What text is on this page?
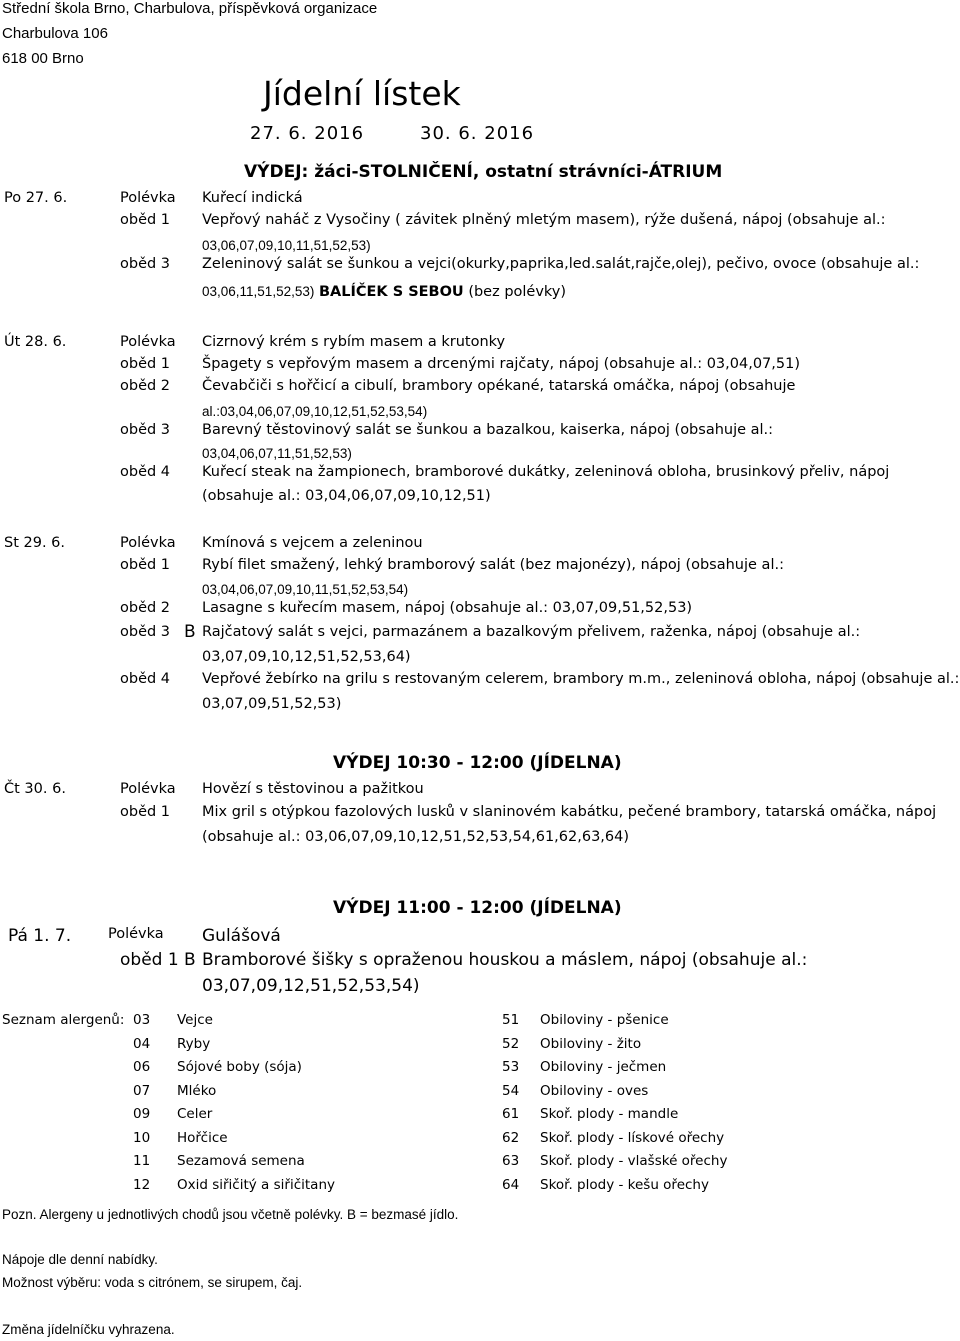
Střední škola Brno, Charbulova, příspěvková organizace
Charbulova 106
618 00 Brno
Jídelní lístek
27. 6. 2016	30. 6. 2016
VÝDEJ: žáci-STOLNIČENÍ, ostatní strávníci-ÁTRIUM
Po 27. 6.	Polévka Kuřecí indická
oběd 1 Vepřový naháč z Vysočiny ( závitek plněný mletým masem), rýže dušená, nápoj (obsahuje al.:
03,06,07,09,10,11,51,52,53)
oběd 3 Zeleninový salát se šunkou a vejci(okurky,paprika,led.salát,rajče,olej), pečivo, ovoce (obsahuje al.:
03,06,11,51,52,53) BALÍČEK S SEBOU (bez polévky)
Út 28. 6.	Polévka Cizrnový krém s rybím masem a krutonky
oběd 1 Špagety s vepřovým masem a drcenými rajčaty, nápoj (obsahuje al.: 03,04,07,51)
oběd 2 Čevabčiči s hořčicí a cibulí, brambory opékané, tatarská omáčka, nápoj (obsahuje
al.:03,04,06,07,09,10,12,51,52,53,54)
oběd 3 Barevný těstovinový salát se šunkou a bazalkou, kaiserka, nápoj (obsahuje al.:
03,04,06,07,11,51,52,53)
oběd 4 Kuřecí steak na žampionech, bramborové dukátky, zeleninová obloha, brusinkový přeliv, nápoj
(obsahuje al.: 03,04,06,07,09,10,12,51)
St 29. 6.	Polévka Kmínová s vejcem a zeleninou
oběd 1 Rybí filet smažený, lehký bramborový salát (bez majonézy), nápoj (obsahuje al.:
03,04,06,07,09,10,11,51,52,53,54)
oběd 2 Lasagne s kuřecím masem, nápoj (obsahuje al.: 03,07,09,51,52,53)
oběd 3 B Rajčatový salát s vejci, parmazánem a bazalkovým přelivem, raženka, nápoj (obsahuje al.:
03,07,09,10,12,51,52,53,64)
oběd 4 Vepřové žebírko na grilu s restovaným celerem, brambory m.m., zeleninová obloha, nápoj (obsahuje al.:
03,07,09,51,52,53)
VÝDEJ 10:30 - 12:00 (JÍDELNA)
Čt 30. 6.	Polévka Hovězí s těstovinou a pažitkou
oběd 1 Mix gril s otýpkou fazolových lusků v slaninovém kabátku, pečené brambory, tatarská omáčka, nápoj
(obsahuje al.: 03,06,07,09,10,12,51,52,53,54,61,62,63,64)
VÝDEJ 11:00 - 12:00 (JÍDELNA)
Pá 1. 7.	Polévka Gulášová
oběd 1 B Bramborové šišky s opraženou houskou a máslem, nápoj (obsahuje al.:
03,07,09,12,51,52,53,54)
Seznam alergenů: 03 Vejce
04 Ryby
06 Sójové boby (sója)
07 Mléko
09 Celer
10 Hořčice
11 Sezamová semena
12 Oxid siřičitý a siřičitany
51 Obiloviny - pšenice
52 Obiloviny - žito
53 Obiloviny - ječmen
54 Obiloviny - oves
61 Skoř. plody - mandle
62 Skoř. plody - lískové ořechy
63 Skoř. plody - vlašské ořechy
64 Skoř. plody - kešu ořechy
Pozn. Alergeny u jednotlivých chodů jsou včetně polévky. B = bezmasé jídlo.
Nápoje dle denní nabídky.
Možnost výběru: voda s citrónem, se sirupem, čaj.
Změna jídelníčku vyhrazena.
